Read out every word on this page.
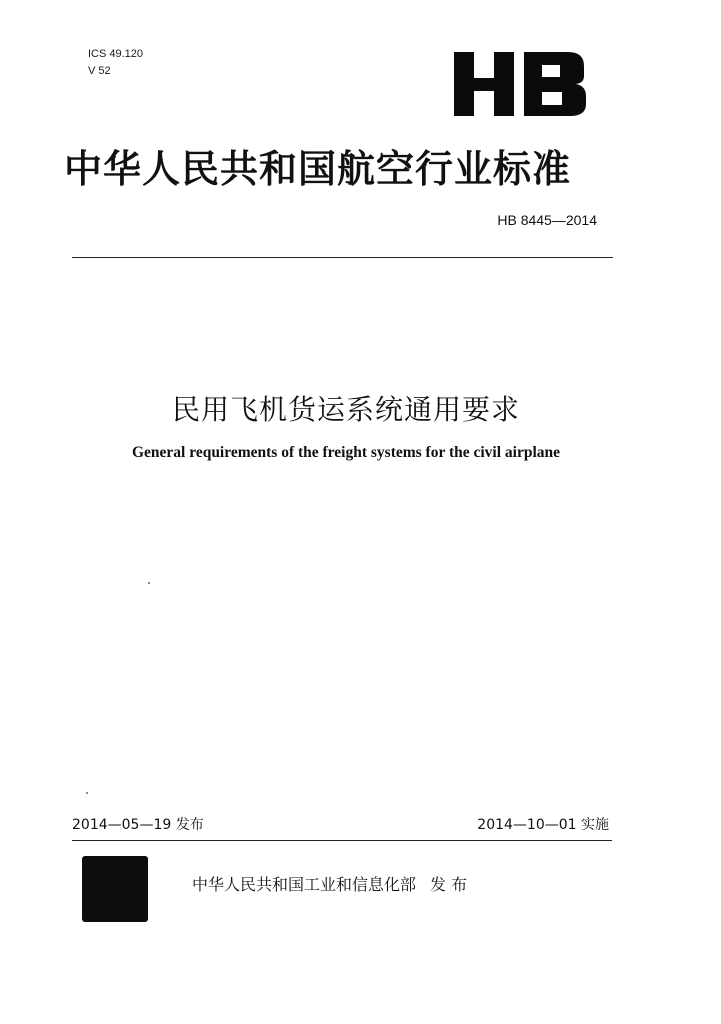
ICS 49.120
V 52
中华人民共和国航空行业标准
HB 8445—2014
民用飞机货运系统通用要求
General requirements of the freight systems for the civil airplane
2014—05—19 发布	2014—10—01 实施
中华人民共和国工业和信息化部 发 布
